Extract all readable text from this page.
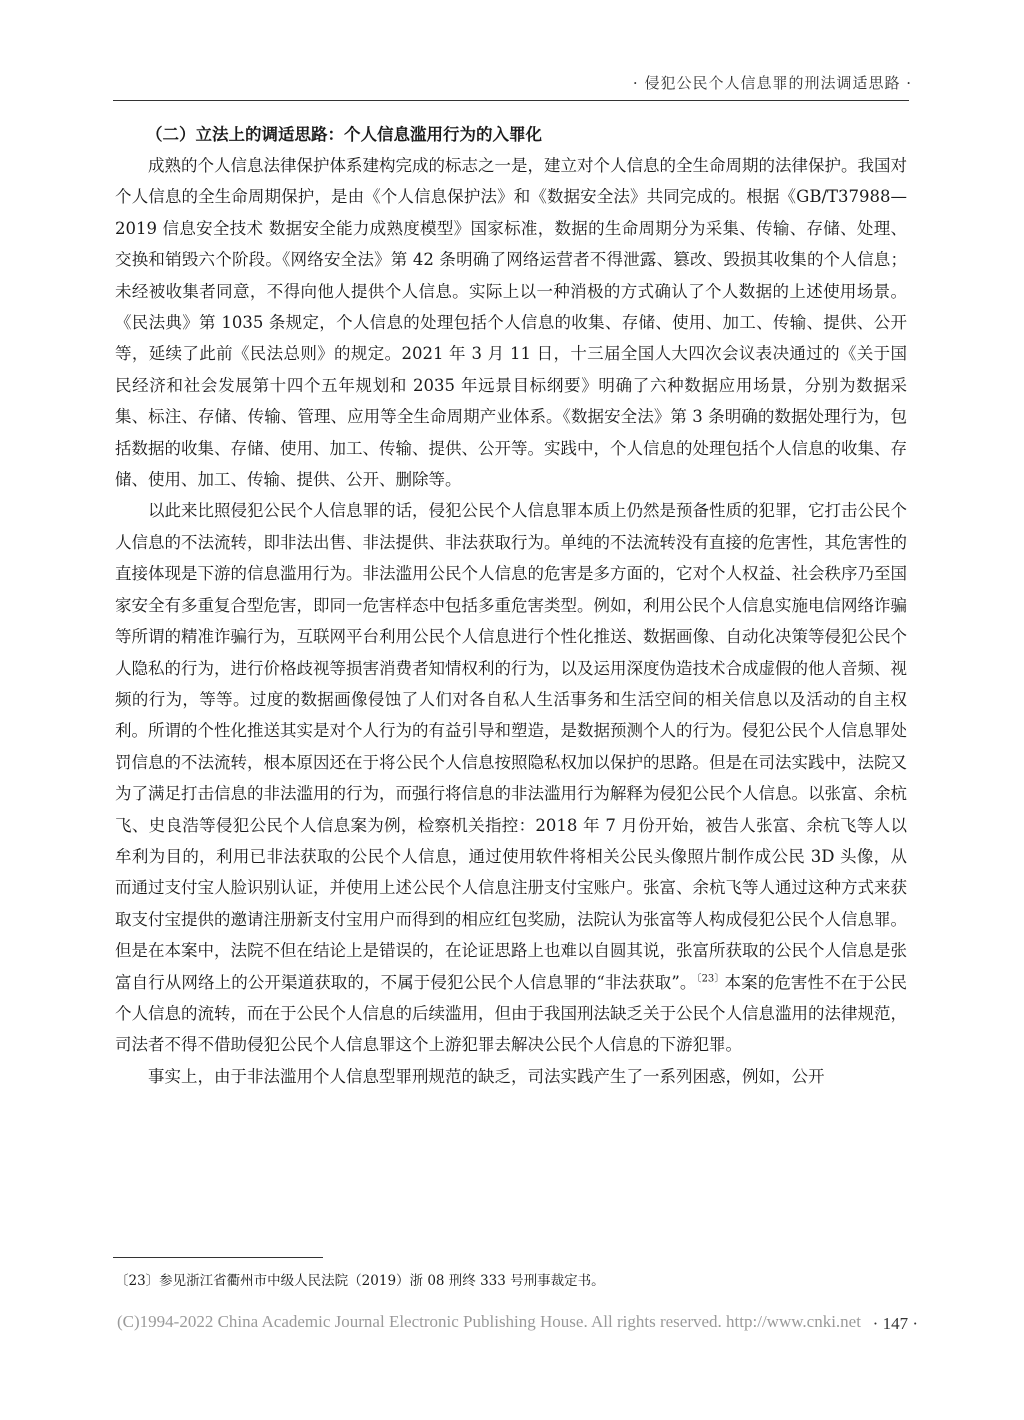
· 侵犯公民个人信息罪的刑法调适思路 ·

（二）立法上的调适思路：个人信息滥用行为的入罪化

成熟的个人信息法律保护体系建构完成的标志之一是，建立对个人信息的全生命周期的法律保护。我国对个人信息的全生命周期保护，是由《个人信息保护法》和《数据安全法》共同完成的。根据《GB/T37988—2019 信息安全技术 数据安全能力成熟度模型》国家标准，数据的生命周期分为采集、传输、存储、处理、交换和销毁六个阶段。《网络安全法》第 42 条明确了网络运营者不得泄露、篡改、毁损其收集的个人信息；未经被收集者同意，不得向他人提供个人信息。实际上以一种消极的方式确认了个人数据的上述使用场景。《民法典》第 1035 条规定，个人信息的处理包括个人信息的收集、存储、使用、加工、传输、提供、公开等，延续了此前《民法总则》的规定。2021 年 3 月 11 日，十三届全国人大四次会议表决通过的《关于国民经济和社会发展第十四个五年规划和 2035 年远景目标纲要》明确了六种数据应用场景，分别为数据采集、标注、存储、传输、管理、应用等全生命周期产业体系。《数据安全法》第 3 条明确的数据处理行为，包括数据的收集、存储、使用、加工、传输、提供、公开等。实践中，个人信息的处理包括个人信息的收集、存储、使用、加工、传输、提供、公开、删除等。

以此来比照侵犯公民个人信息罪的话，侵犯公民个人信息罪本质上仍然是预备性质的犯罪，它打击公民个人信息的不法流转，即非法出售、非法提供、非法获取行为。单纯的不法流转没有直接的危害性，其危害性的直接体现是下游的信息滥用行为。非法滥用公民个人信息的危害是多方面的，它对个人权益、社会秩序乃至国家安全有多重复合型危害，即同一危害样态中包括多重危害类型。例如，利用公民个人信息实施电信网络诈骗等所谓的精准诈骗行为，互联网平台利用公民个人信息进行个性化推送、数据画像、自动化决策等侵犯公民个人隐私的行为，进行价格歧视等损害消费者知情权利的行为，以及运用深度伪造技术合成虚假的他人音频、视频的行为，等等。过度的数据画像侵蚀了人们对各自私人生活事务和生活空间的相关信息以及活动的自主权利。所谓的个性化推送其实是对个人行为的有益引导和塑造，是数据预测个人的行为。侵犯公民个人信息罪处罚信息的不法流转，根本原因还在于将公民个人信息按照隐私权加以保护的思路。但是在司法实践中，法院又为了满足打击信息的非法滥用的行为，而强行将信息的非法滥用行为解释为侵犯公民个人信息。以张富、余杭飞、史良浩等侵犯公民个人信息案为例，检察机关指控：2018 年 7 月份开始，被告人张富、余杭飞等人以牟利为目的，利用已非法获取的公民个人信息，通过使用软件将相关公民头像照片制作成公民 3D 头像，从而通过支付宝人脸识别认证，并使用上述公民个人信息注册支付宝账户。张富、余杭飞等人通过这种方式来获取支付宝提供的邀请注册新支付宝用户而得到的相应红包奖励，法院认为张富等人构成侵犯公民个人信息罪。但是在本案中，法院不但在结论上是错误的，在论证思路上也难以自圆其说，张富所获取的公民个人信息是张富自行从网络上的公开渠道获取的，不属于侵犯公民个人信息罪的“非法获取”。$^{〔23〕}$本案的危害性不在于公民个人信息的流转，而在于公民个人信息的后续滥用，但由于我国刑法缺乏关于公民个人信息滥用的法律规范，司法者不得不借助侵犯公民个人信息罪这个上游犯罪去解决公民个人信息的下游犯罪。

事实上，由于非法滥用个人信息型罪刑规范的缺乏，司法实践产生了一系列困惑，例如，公开

〔23〕参见浙江省衢州市中级人民法院（2019）浙 08 刑终 333 号刑事裁定书。

(C)1994-2022 China Academic Journal Electronic Publishing House. All rights reserved. http://www.cnki.net · 147 ·
